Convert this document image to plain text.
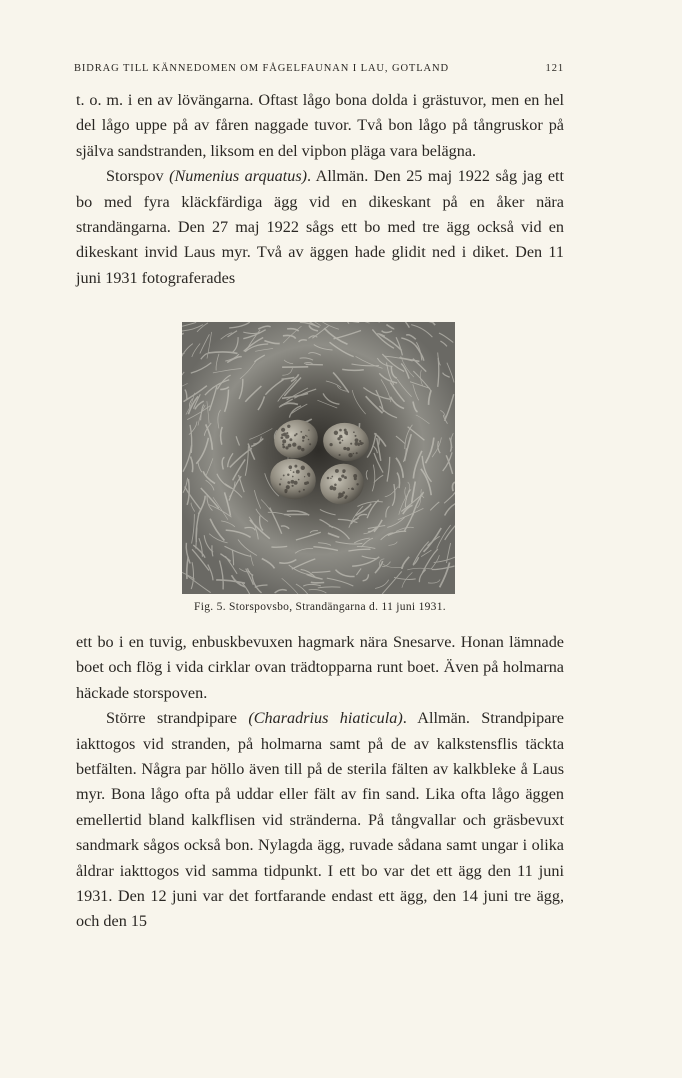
BIDRAG TILL KÄNNEDOMEN OM FÅGELFAUNAN I LAU, GOTLAND	121

t. o. m. i en av lövängarna. Oftast lågo bona dolda i grästuvor, men en hel del lågo uppe på av fåren naggade tuvor. Två bon lågo på tångruskor på själva sandstranden, liksom en del vipbon pläga vara belägna.

Storspov (Numenius arquatus). Allmän. Den 25 maj 1922 såg jag ett bo med fyra kläckfärdiga ägg vid en dikeskant på en åker nära strandängarna. Den 27 maj 1922 sågs ett bo med tre ägg också vid en dikeskant invid Laus myr. Två av äggen hade glidit ned i diket. Den 11 juni 1931 fotograferades

Fig. 5. Storspovsbo, Strandängarna d. 11 juni 1931.

ett bo i en tuvig, enbuskbevuxen hagmark nära Snesarve. Honan lämnade boet och flög i vida cirklar ovan trädtopparna runt boet. Även på holmarna häckade storspoven.

Större strandpipare (Charadrius hiaticula). Allmän. Strandpipare iakttogos vid stranden, på holmarna samt på de av kalkstensflis täckta betfälten. Några par höllo även till på de sterila fälten av kalkbleke å Laus myr. Bona lågo ofta på uddar eller fält av fin sand. Lika ofta lågo äggen emellertid bland kalkflisen vid stränderna. På tångvallar och gräsbevuxt sandmark sågos också bon. Nylagda ägg, ruvade sådana samt ungar i olika åldrar iakttogos vid samma tidpunkt. I ett bo var det ett ägg den 11 juni 1931. Den 12 juni var det fortfarande endast ett ägg, den 14 juni tre ägg, och den 15
